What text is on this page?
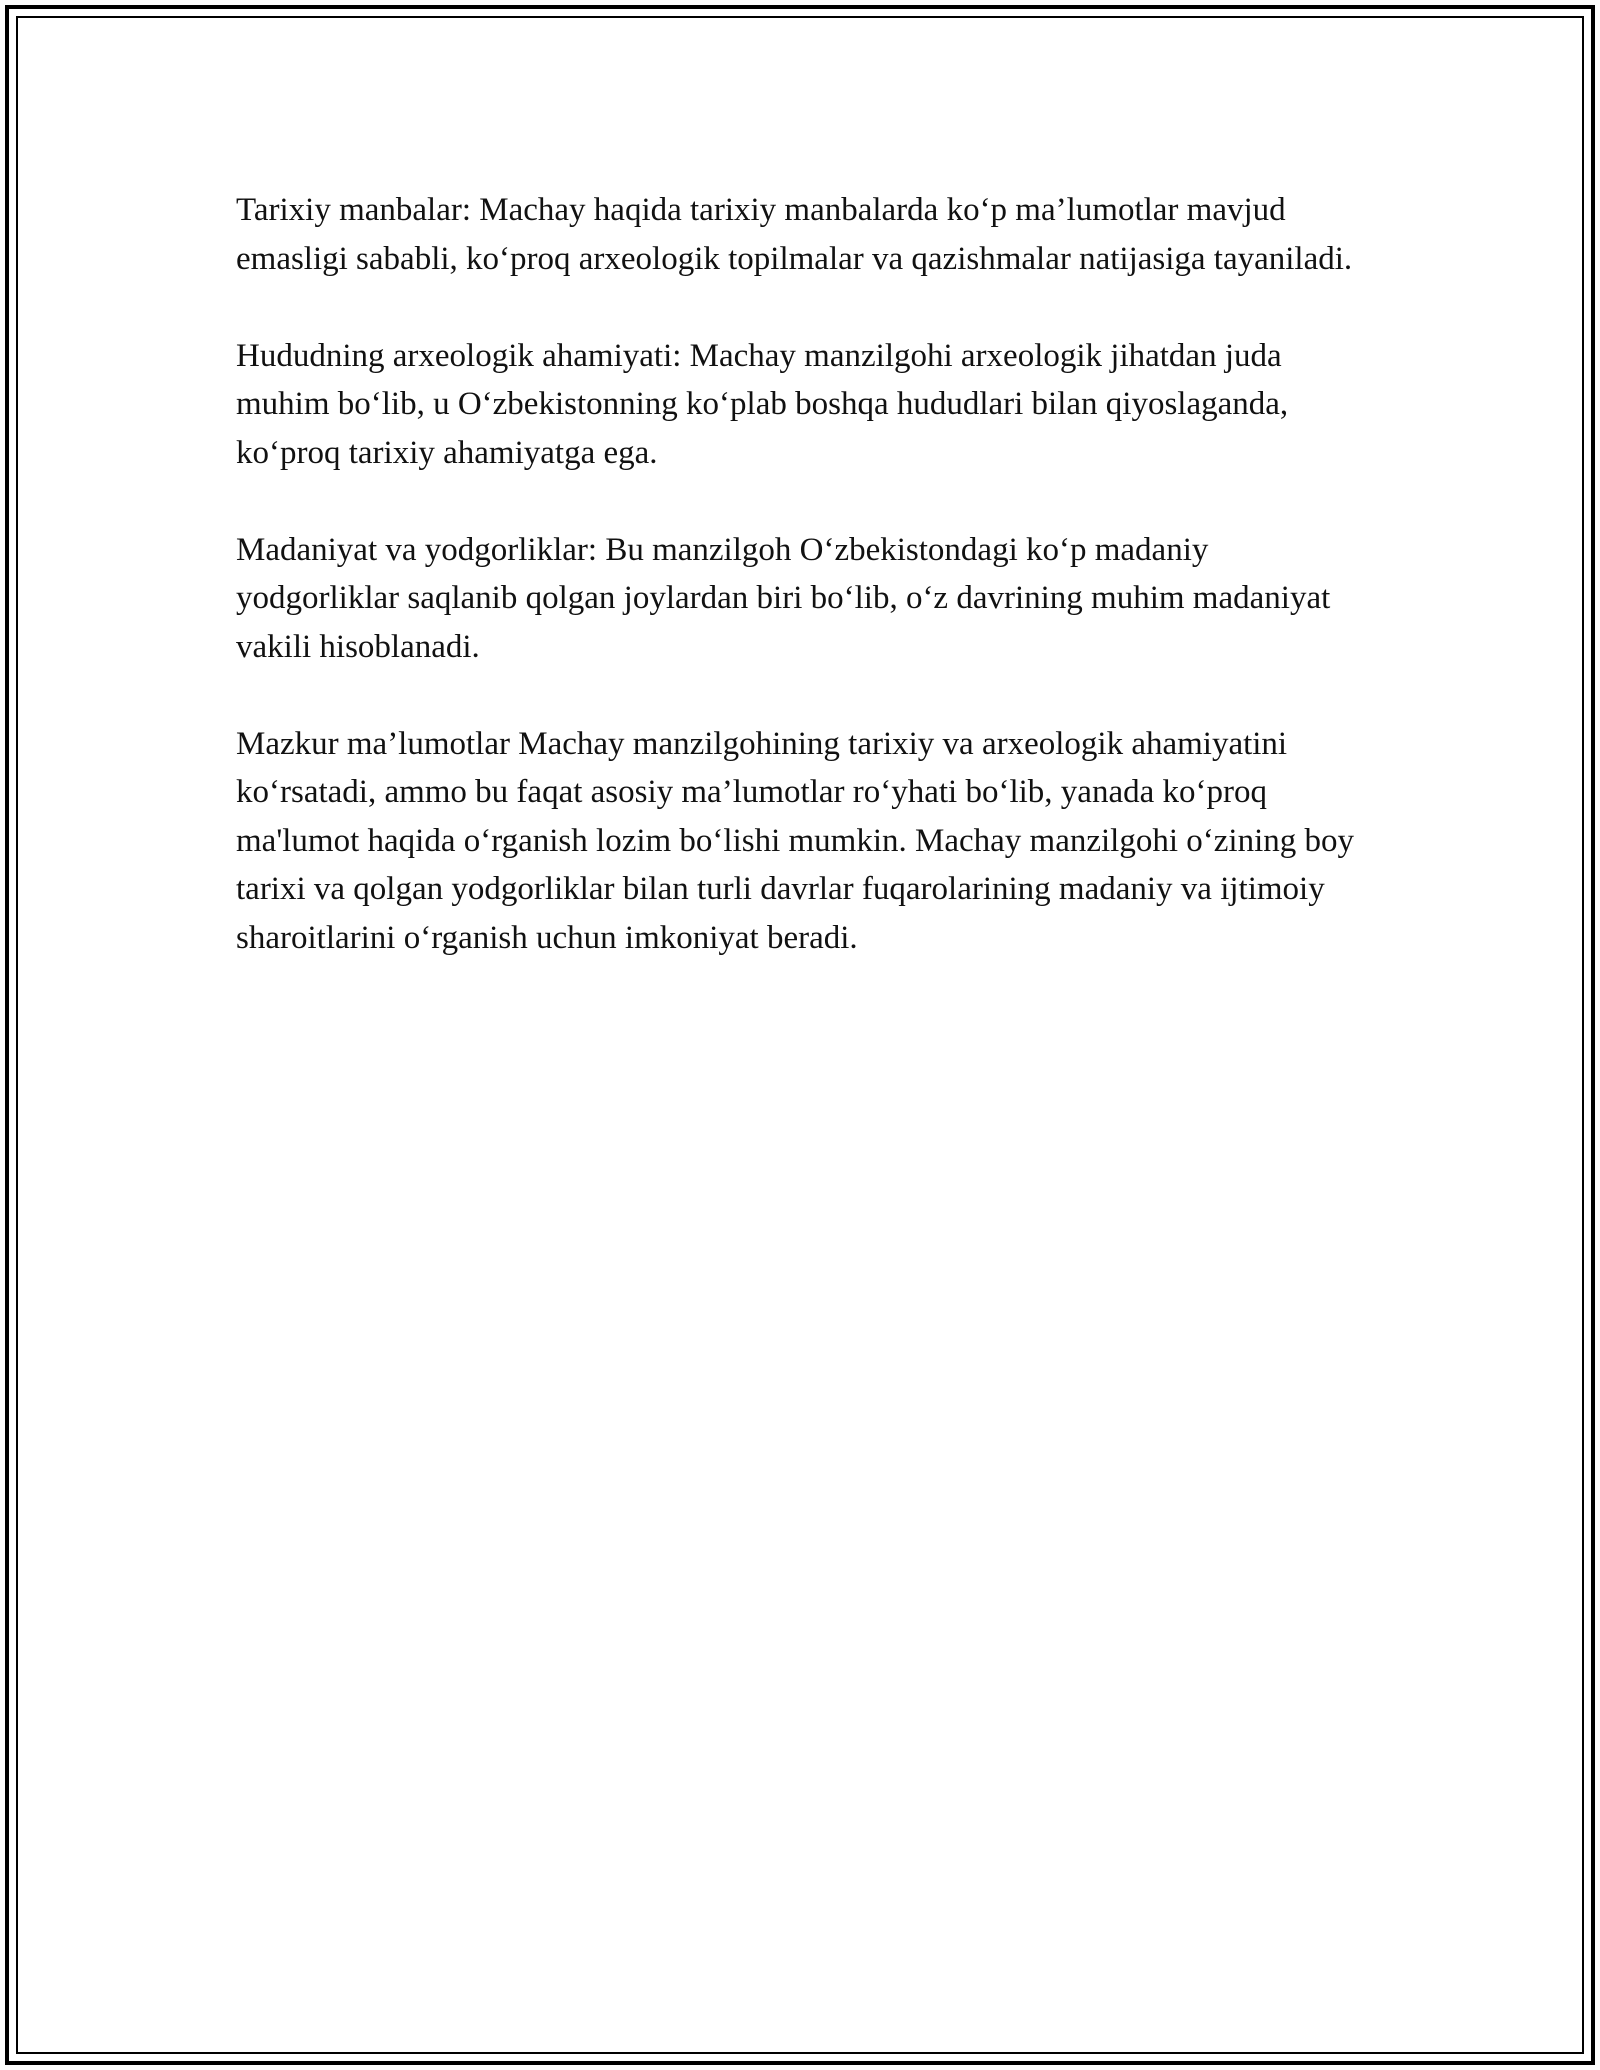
Tarixiy manbalar: Machay haqida tarixiy manbalarda ko‘p ma’lumotlar mavjud emasligi sababli, ko‘proq arxeologik topilmalar va qazishmalar natijasiga tayaniladi.

Hududning arxeologik ahamiyati: Machay manzilgohi arxeologik jihatdan juda muhim bo‘lib, u O‘zbekistonning ko‘plab boshqa hududlari bilan qiyoslaganda, ko‘proq tarixiy ahamiyatga ega.

Madaniyat va yodgorliklar: Bu manzilgoh O‘zbekistondagi ko‘p madaniy yodgorliklar saqlanib qolgan joylardan biri bo‘lib, o‘z davrining muhim madaniyat vakili hisoblanadi.

Mazkur ma’lumotlar Machay manzilgohining tarixiy va arxeologik ahamiyatini ko‘rsatadi, ammo bu faqat asosiy ma’lumotlar ro‘yhati bo‘lib, yanada ko‘proq ma'lumot haqida o‘rganish lozim bo‘lishi mumkin. Machay manzilgohi o‘zining boy tarixi va qolgan yodgorliklar bilan turli davrlar fuqarolarining madaniy va ijtimoiy sharoitlarini o‘rganish uchun imkoniyat beradi.
